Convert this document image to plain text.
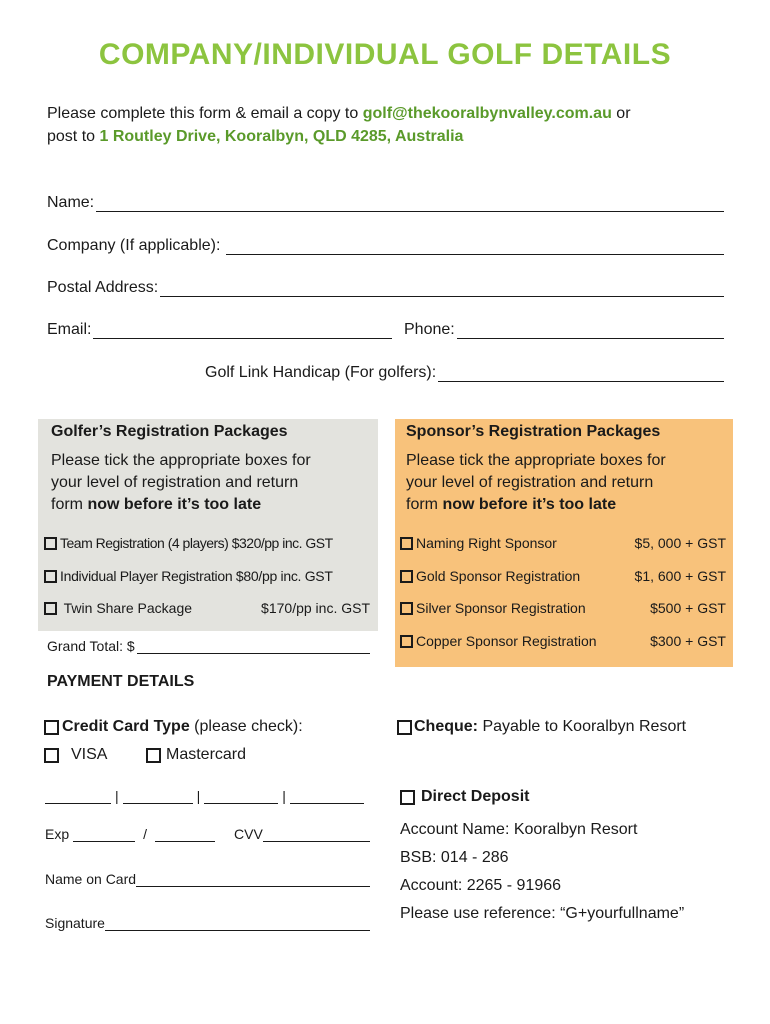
COMPANY/INDIVIDUAL GOLF DETAILS
Please complete this form & email a copy to golf@thekooralbynvalley.com.au or
post to 1 Routley Drive, Kooralbyn, QLD 4285, Australia
Name:
Company (If applicable):
Postal Address:
Email:	Phone:
Golf Link Handicap (For golfers):
Golfer’s Registration Packages
Please tick the appropriate boxes for
your level of registration and return
form now before it’s too late
Team Registration (4 players) $320/pp inc. GST
Individual Player Registration $80/pp inc. GST
Twin Share Package	$170/pp inc. GST
Grand Total: $
Sponsor’s Registration Packages
Please tick the appropriate boxes for
your level of registration and return
form now before it’s too late
Naming Right Sponsor	$5, 000 + GST
Gold Sponsor Registration	$1, 600 + GST
Silver Sponsor Registration	$500 + GST
Copper Sponsor Registration	$300 + GST
PAYMENT DETAILS
Credit Card Type (please check):
VISA	Mastercard
|	|	|
Exp	/	CVV
Name on Card
Signature
Cheque: Payable to Kooralbyn Resort
Direct Deposit
Account Name: Kooralbyn Resort
BSB: 014 - 286
Account: 2265 - 91966
Please use reference: “G+yourfullname”
